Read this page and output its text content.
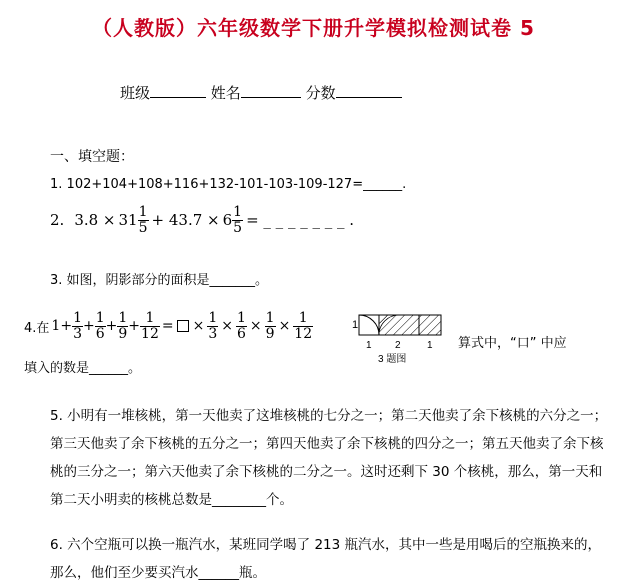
（人教版）六年级数学下册升学模拟检测试卷 5
班级	姓名	分数
一、填空题：
1. 102+104+108+116+132-101-103-109-127=______.
2. $3.8 \times 31 \frac{1}{5} + 43.7 \times 6 \frac{1}{5}$ = _ _ _ _ _ _ _ .
3. 如图，阴影部分的面积是_______。
4.在 $1 + \frac{1}{3} + \frac{1}{6} + \frac{1}{9} + \frac{1}{12}$ = × $\frac{1}{3} \times \frac{1}{6} \times \frac{1}{9} \times \frac{1}{12}$	1
1 2	1
3 题图
算式中，“口” 中应
填入的数是______。
5. 小明有一堆核桃，第一天他卖了这堆核桃的七分之一；第二天他卖了余下核桃的六分之一；第三天他卖了余下核桃的五分之一；第四天他卖了余下核桃的四分之一；第五天他卖了余下核桃的三分之一；第六天他卖了余下核桃的二分之一。这时还剩下 30 个核桃，那么，第一天和第二天小明卖的核桃总数是________个。
6. 六个空瓶可以换一瓶汽水，某班同学喝了 213 瓶汽水，其中一些是用喝后的空瓶换来的，那么，他们至少要买汽水______瓶。
